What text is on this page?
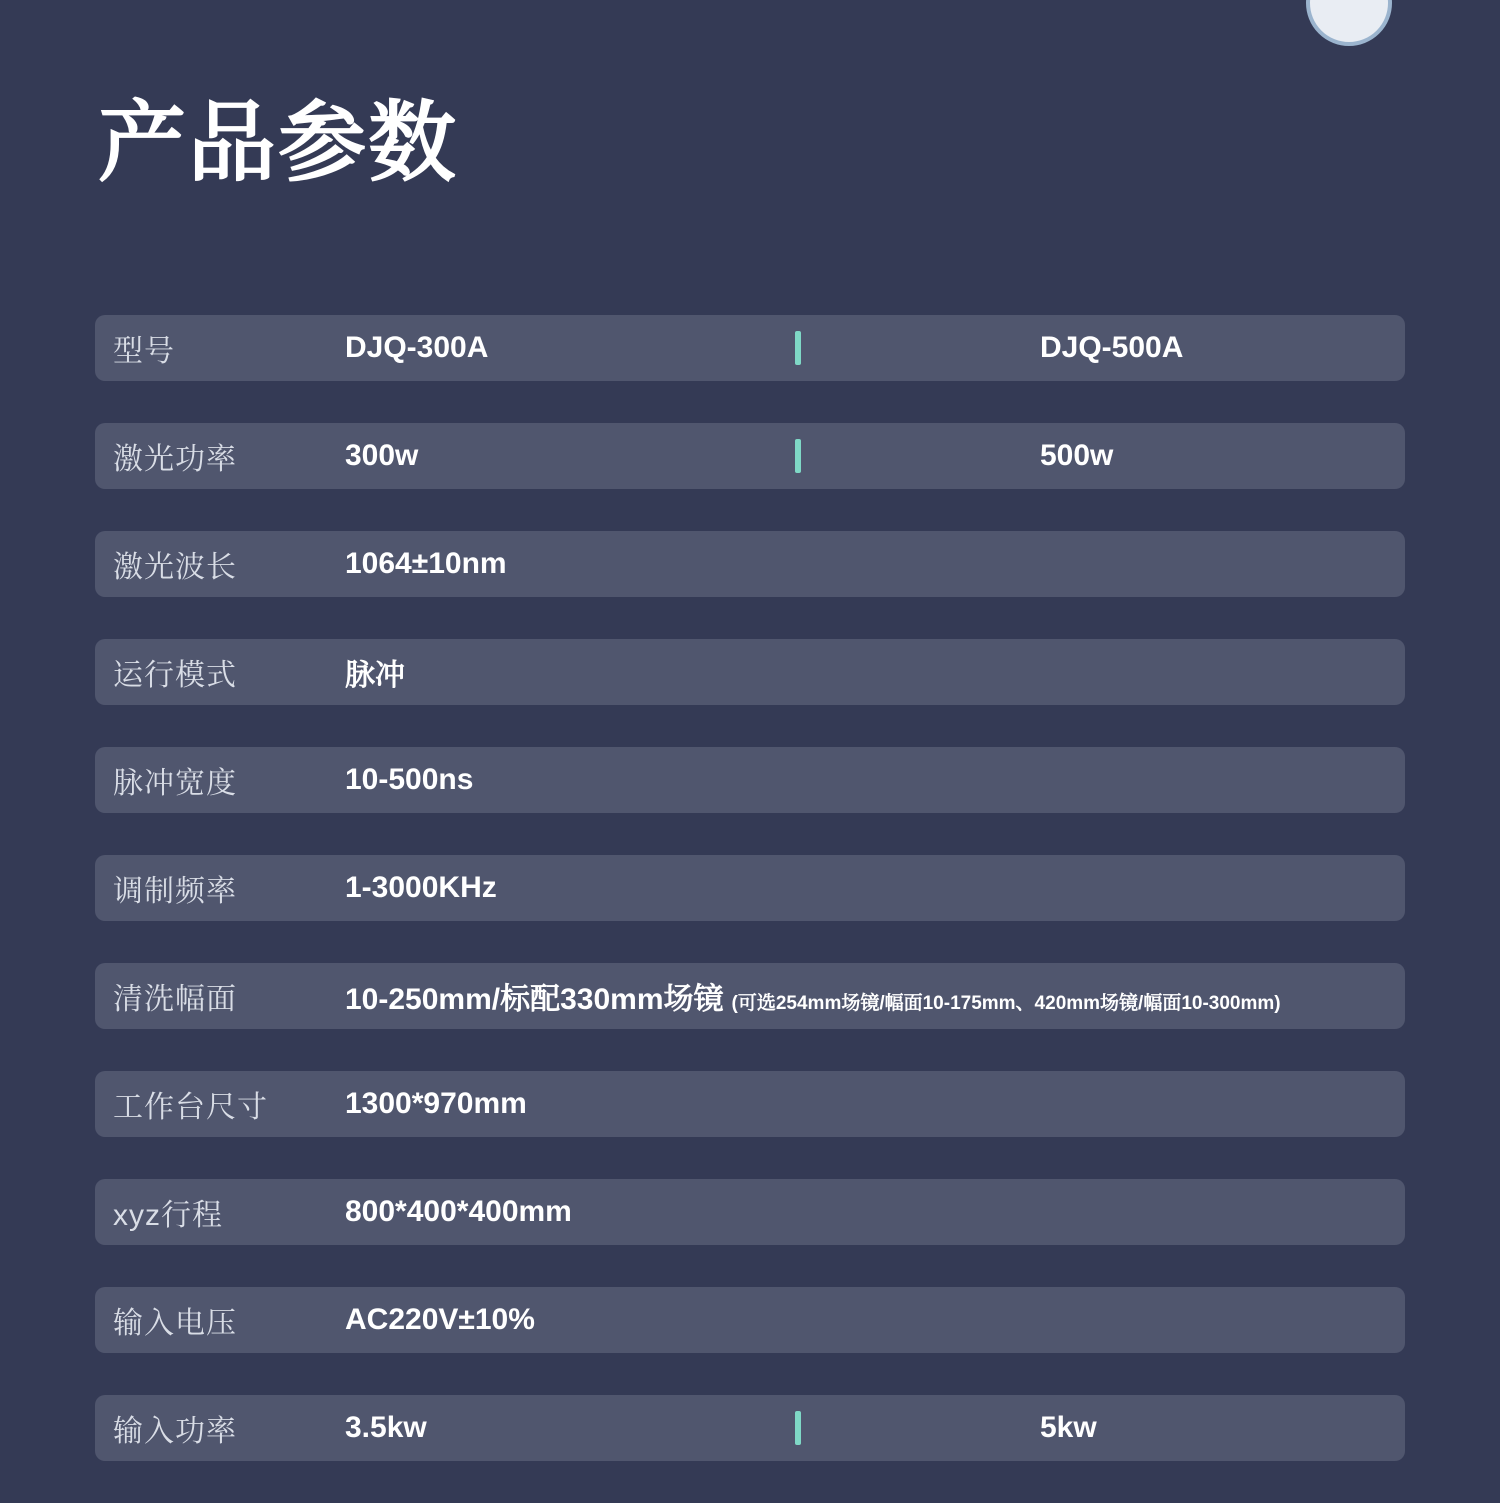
产品参数
型号	DJQ-300A	DJQ-500A
激光功率	300w	500w
激光波长	1064±10nm
运行模式	脉冲
脉冲宽度	10-500ns
调制频率	1-3000KHz
清洗幅面	10-250mm/标配330mm场镜 (可选254mm场镜/幅面10-175mm、420mm场镜/幅面10-300mm)
工作台尺寸	1300*970mm
xyz行程	800*400*400mm
输入电压	AC220V±10%
输入功率	3.5kw	5kw
